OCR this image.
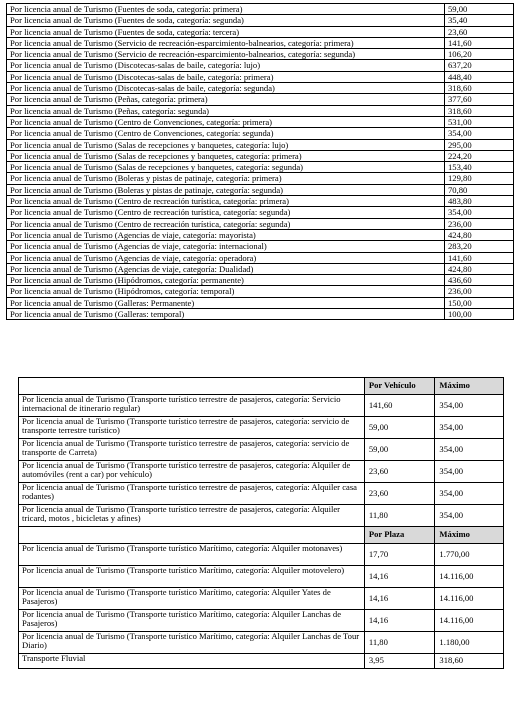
Por licencia anual de Turismo (Fuentes de soda, categoría: primera)	59,00
Por licencia anual de Turismo (Fuentes de soda, categoría: segunda)	35,40
Por licencia anual de Turismo (Fuentes de soda, categoría: tercera)	23,60
Por licencia anual de Turismo (Servicio de recreación-esparcimiento-balnearios, categoría: primera)	141,60
Por licencia anual de Turismo (Servicio de recreación-esparcimiento-balnearios, categoría: segunda)	106,20
Por licencia anual de Turismo (Discotecas-salas de baile, categoría: lujo)	637,20
Por licencia anual de Turismo (Discotecas-salas de baile, categoría: primera)	448,40
Por licencia anual de Turismo (Discotecas-salas de baile, categoría: segunda)	318,60
Por licencia anual de Turismo (Peñas, categoría: primera)	377,60
Por licencia anual de Turismo (Peñas, categoría: segunda)	318,60
Por licencia anual de Turismo (Centro de Convenciones, categoría: primera)	531,00
Por licencia anual de Turismo (Centro de Convenciones, categoría: segunda)	354,00
Por licencia anual de Turismo (Salas de recepciones y banquetes, categoría: lujo)	295,00
Por licencia anual de Turismo (Salas de recepciones y banquetes, categoría: primera)	224,20
Por licencia anual de Turismo (Salas de recepciones y banquetes, categoría: segunda)	153,40
Por licencia anual de Turismo (Boleras y pistas de patinaje, categoría: primera)	129,80
Por licencia anual de Turismo (Boleras y pistas de patinaje, categoría: segunda)	70,80
Por licencia anual de Turismo (Centro de recreación turística, categoría: primera)	483,80
Por licencia anual de Turismo (Centro de recreación turística, categoría: segunda)	354,00
Por licencia anual de Turismo (Centro de recreación turística, categoría: segunda)	236,00
Por licencia anual de Turismo (Agencias de viaje, categoría: mayorista)	424,80
Por licencia anual de Turismo (Agencias de viaje, categoría: internacional)	283,20
Por licencia anual de Turismo (Agencias de viaje, categoría: operadora)	141,60
Por licencia anual de Turismo (Agencias de viaje, categoría: Dualidad)	424,80
Por licencia anual de Turismo (Hipódromos, categoría: permanente)	436,60
Por licencia anual de Turismo (Hipódromos, categoría: temporal)	236,00
Por licencia anual de Turismo (Galleras: Permanente)	150,00
Por licencia anual de Turismo (Galleras: temporal)	100,00
	Por Vehículo	Máximo
Por licencia anual de Turismo (Transporte turístico terrestre de pasajeros, categoría: Servicio internacional de itinerario regular)	141,60	354,00
Por licencia anual de Turismo (Transporte turístico terrestre de pasajeros, categoría: servicio de transporte terrestre turístico)	59,00	354,00
Por licencia anual de Turismo (Transporte turístico terrestre de pasajeros, categoría: servicio de transporte de Carreta)	59,00	354,00
Por licencia anual de Turismo (Transporte turístico terrestre de pasajeros, categoría: Alquiler de automóviles (rent a car) por vehículo)	23,60	354,00
Por licencia anual de Turismo (Transporte turístico terrestre de pasajeros, categoría: Alquiler casa rodantes)	23,60	354,00
Por licencia anual de Turismo (Transporte turístico terrestre de pasajeros, categoría: Alquiler tricard, motos , bicicletas y afines)	11,80	354,00
	Por Plaza	Máximo
Por licencia anual de Turismo (Transporte turístico Marítimo, categoría: Alquiler motonaves)	17,70	1.770,00
Por licencia anual de Turismo (Transporte turístico Marítimo, categoría: Alquiler motovelero)	14,16	14.116,00
Por licencia anual de Turismo (Transporte turístico Marítimo, categoría: Alquiler Yates de Pasajeros)	14,16	14.116,00
Por licencia anual de Turismo (Transporte turístico Marítimo, categoría: Alquiler Lanchas de Pasajeros)	14,16	14.116,00
Por licencia anual de Turismo (Transporte turístico Marítimo, categoría: Alquiler Lanchas de Tour Diario)	11,80	1.180,00
Transporte Fluvial	3,95	318,60
